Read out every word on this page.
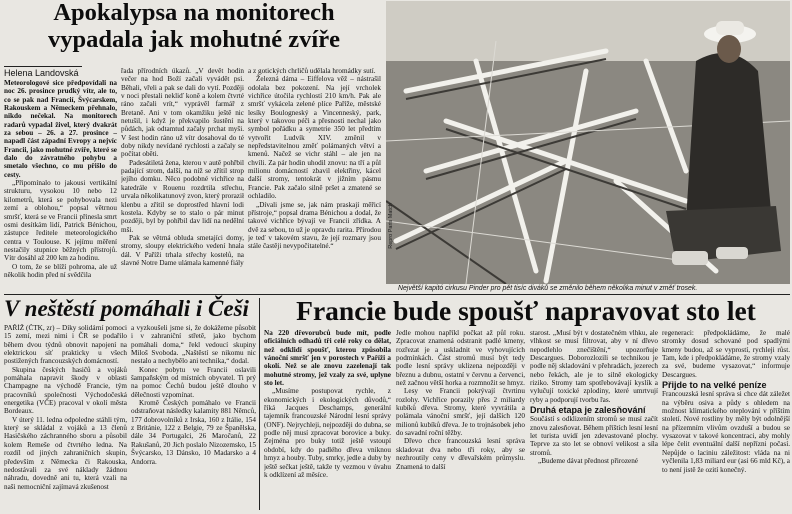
Apokalypsa na monitorech
vypadala jak mohutné zvíře
Helena Landovská

Meteorologové sice předpovídali na noc 26. prosince prudký vítr, ale to, co se pak nad Francií, Švýcarskem, Rakouskem a Německem přehnalo, nikdo nečekal. Na monitorech radarů vypadal živel, který dvakrát za sebou – 26. a 27. prosince – napadl část západní Evropy a nejvíc Francii, jako mohutné zvíře, které se dalo do závratného pohybu a smetalo všechno, co mu přišlo do cesty.

„Připomínalo to jakousi vertikální strukturu, vysokou 10 nebo 12 kilometrů, která se pohybovala nezi zemí a oblohou,“ popsal větrnou smršť, která se ve Francii přinesla smrt osmi desítkám lidí, Patrick Bénichou, zástupce ředitele meteorologického centra v Toulouse. K jejímu měření nestačily stupnice běžných přístrojů. Vítr dosáhl až 200 km za hodinu.

O tom, že se blíží pohroma, ale už několik hodin před ní svědčila

řada přírodních úkazů. „V devět hodin večer na hod Boží začali vyvádět psi. Běhali, vřeli a pak se dali do vytí. Později v noci přestali nekliď koně a kolem čtvrté ráno začali vrít,“ vyprávěl farmář z Bretaně. Ani v tom okamžiku ještě nic netušil, i když je překvapilo šustění na půdách, jak odtamtud začaly prchat myši. V šest hodin ráno už vítr dosahoval do té doby nikdy nevídané rychlosti a začaly se počítat oběti.

Padesátiletá žena, kterou v autě pohřbil padající strom, další, na níž se zřítil strop jejího domku. Něco podobné vichřice na katedrále v Rouenu rozdrtila střechu, urvala několikatunový zvon, který proraził klenbu a zřítil se doprostřed hlavní lodi kostela. Kdyby se to stalo o pár minut později, byl by pohřbil dav lidí na nedělní mši.

Pak se větrná obluda smetajíci domy, stromy, sloupy elektrického vedení hnala dál. V Paříži trhala střechy kostelů, na slavné Notre Dame ulámala kamenné fiály

a z gotických chrličů udělala hromádky sutí.

Železná dáma – Eiffelova věž – nástrašil odolala bez pokození. Na její vrcholek vichřice útočila rychlostí 210 km/h. Pak ale smršť vykácela zelené plíce Paříže, městské lesíky Boulogneský a Vincenneský, park, který v takovou péči a přesnosti nechal jako symbol pořádku a symetrie 350 let předtím vytvořit Ludvík XIV. změnil v nepředstavitelnou změť polámaných větví a kmenů. Načež se vichr stáhl – ale jen na chvíli. Za pár hodin uhodil znovu: na tří a půl milionu domácností zbavil elektřiny, kácel další stromy, tentokrát v jižním pásmu Francie. Pak začalo silně pršet a zmatené se ochladilo.

„Dívali jsme se, jak nám praskají měřicí přístroje,“ popsal drama Bénichou a dodal, že takové vichřice bývají ve Francii zřídka. A dvě za sebou, to už je opravdu rarita. Přírodou je teď v takovém stavu, že její rozmary jsou stále častěji nevypočitatelné.“	Repro Paris Match
Největší kapitó cirkusu Pinder pro pět tisíc diváků se změnilo během několika minut v změť trosek.
V neštěstí pomáhali i Češi

PAŘÍŽ (ČTK, zr) – Díky solidární pomoci 15 zemí, mezi nimi i ČR se podařilo během dvou týdnů obnovit napojení na elektrickou síť prakticky u všech postižených francouzských domácností.

Skupina českých hasičů a vojáků pomáhala napravit škody v oblasti Champagne na východě Francie, tým pracovníků společnosti Východočeská energetika (VČE) pracoval v okolí města Bordeaux.

V úterý 11. ledna odpoledne stáhli tým, který se skládal z vojáků a 13 členů Hasičského záchranného sboru a působil kolem Remeše od čtvrtého ledna. Na rozdíl od jiných zahraničních skupin, především z Německa či Rakouska, nedostávali za své náklady žádnou náhradu, dovedně ani tu, která vzali na naši nemocniční zajímavá zkušenost

a vyzkoušeli jsme si, že dokážeme působit i v zahraniční střetě, jako bychom pomáhali doma,“ řekl vedoucí skupiny Miloš Svoboda. „Naštěstí se nikomu nic nestalo a nechybělo ani technika,“ dodal.

Konec pobytu ve Francii oslavili šampaňským od místních obyvatel. Ti prý na pomoc Čechů budou ještě dlouho v dělečnosti vzpomínat.

Kromě Českých pomáhalo ve Francii odstraňovat následky kalamity 881 Němců, 177 dobrovolníků z Irska, 160 z Itálie, 154 z Británie, 122 z Belgie, 79 ze Španělska, dále 34 Portugalci, 26 Maročanů, 22 Rakušanů, 20 Jich poslalo Nizozemsko, 15 Švýcarsko, 13 Dánsko, 10 Madarsko a 4 Andorra.

Francie bude spoušť napravovat sto let

Na 220 dřevorubců bude mít, podle oficiálních odhadů tři celé roky co dělat, než odklidí spoušť, kterou způsobila vánoční smršť jen v porostech v Paříži a okolí. Než se ale znovu zazelenají tak mohutné stromy, jež vzaly za své, uplyne sto let.

„Musíme postupovat rychle, z ekonomických i ekologických důvodů,“ říká Jacques Deschamps, generální tajemník francouzské Národní lesní správy (ONF). Nejrychleji, nejpozději do dubna, se podle něj musí zpracovat borovice a buky. Zejména pro buky totiž ještě vstoupí období, kdy do padlého dřeva vniknou hmyz a houby. Tuby, smrky, jedle a duby by ještě sečkat ještě, takže ty vezmou v úvahu k odklízení až měsíce.

Jedle mohou napříkl počkat až půl roku. Zpracovat znamená odstranit padlé kmeny, rozřezat je a uskladnit ve vyhovujících podmínkách. Část stromů musí být tedy podle lesní správy uklizena nejpozději v březnu a dubnu, ostatní v červnu a červenci, než začnou větší horka a rozmnožit se hmyz.

Lesy ve Francii pokrývají čtvrtinu rozlohy. Vichřice porazily přes 2 miliardy kubíků dřeva. Stromy, které vyvrátila a polámala vánoční smršť, její dalších 120 milionů kubíků dřeva. Je to trojnásobek jeho do savadní roční těžby.

Dřevo chce francouzská lesní správa skladovat dva nebo tři roky, aby se nezhroutily ceny v dřevařském průmyslu. Znamená to další

starost. „Musí být v dostatečném vlhku, ale vlhkost se musí filtrovat, aby v ní dřevo nepodlehlo znečištění,“ upozorňuje Descargues. Doborozlozili se technikou je podle něj skladování v přehradách, jezerech nebo řekách, ale je to silně ekologicky riziko. Stromy tam spotřebovávají kyslík a vylučují toxické zplodiny, které umrtvují ryby a podporují tvorbu řas.

Druhá etapa je zalesňování

Součástí s odklizením stromů se musí začít znovu zalesňovat. Během příštích lesní lesní let turista uvidí jen zdevastované plochy. Teprve za sto let se obnoví velikost a síla stromů.

„Budeme dávat přednost přirozené

regeneraci: předpokládáme, že malé stromky dosud schované pod spadlými kmeny budou, až se vyprostí, rychleji růst. Tam, kde i předpokládáme, že stromy vzaly za své, budeme vysazovat,“ informuje Descargues.

Přijde to na velké peníze

Francouzská lesní správa si chce dát záležet na výběru osiva a půdy s ohledem na možnost klimatického oteplování v příštím století. Nové rostliny by měly být odolnější na přízemním vlivům ovzduší a budou se vysazovat v takové koncentraci, aby mohly lépe čelit eventuální další nepřízni počasí. Nepůjde o laciniu záležitost: vláda na ni vyčlenila 1,83 miliard eur (asi 66 mld Kč), a to není jistě že ozití konečný.
